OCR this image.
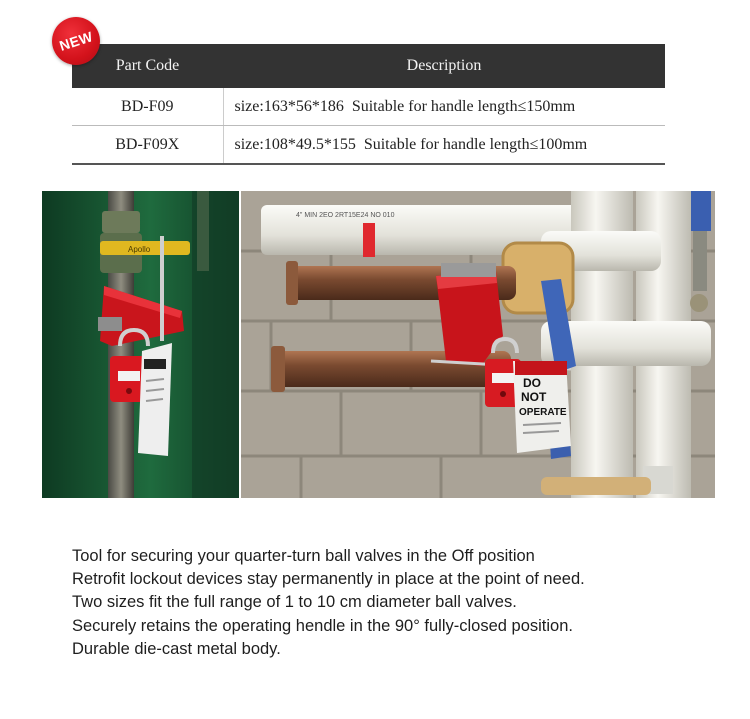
NEW
Part Code	Description
BD-F09	size:163*56*186 Suitable for handle length≤150mm
BD-F09X	size:108*49.5*155 Suitable for handle length≤100mm
Apollo
4" MIN 2EO 2RT15E24 NO 010
DO
NOT
OPERATE
Tool for securing your quarter-turn ball valves in the Off position
Retrofit lockout devices stay permanently in place at the point of need.
Two sizes fit the full range of 1 to 10 cm diameter ball valves.
Securely retains the operating hendle in the 90° fully-closed position.
Durable die-cast metal body.
